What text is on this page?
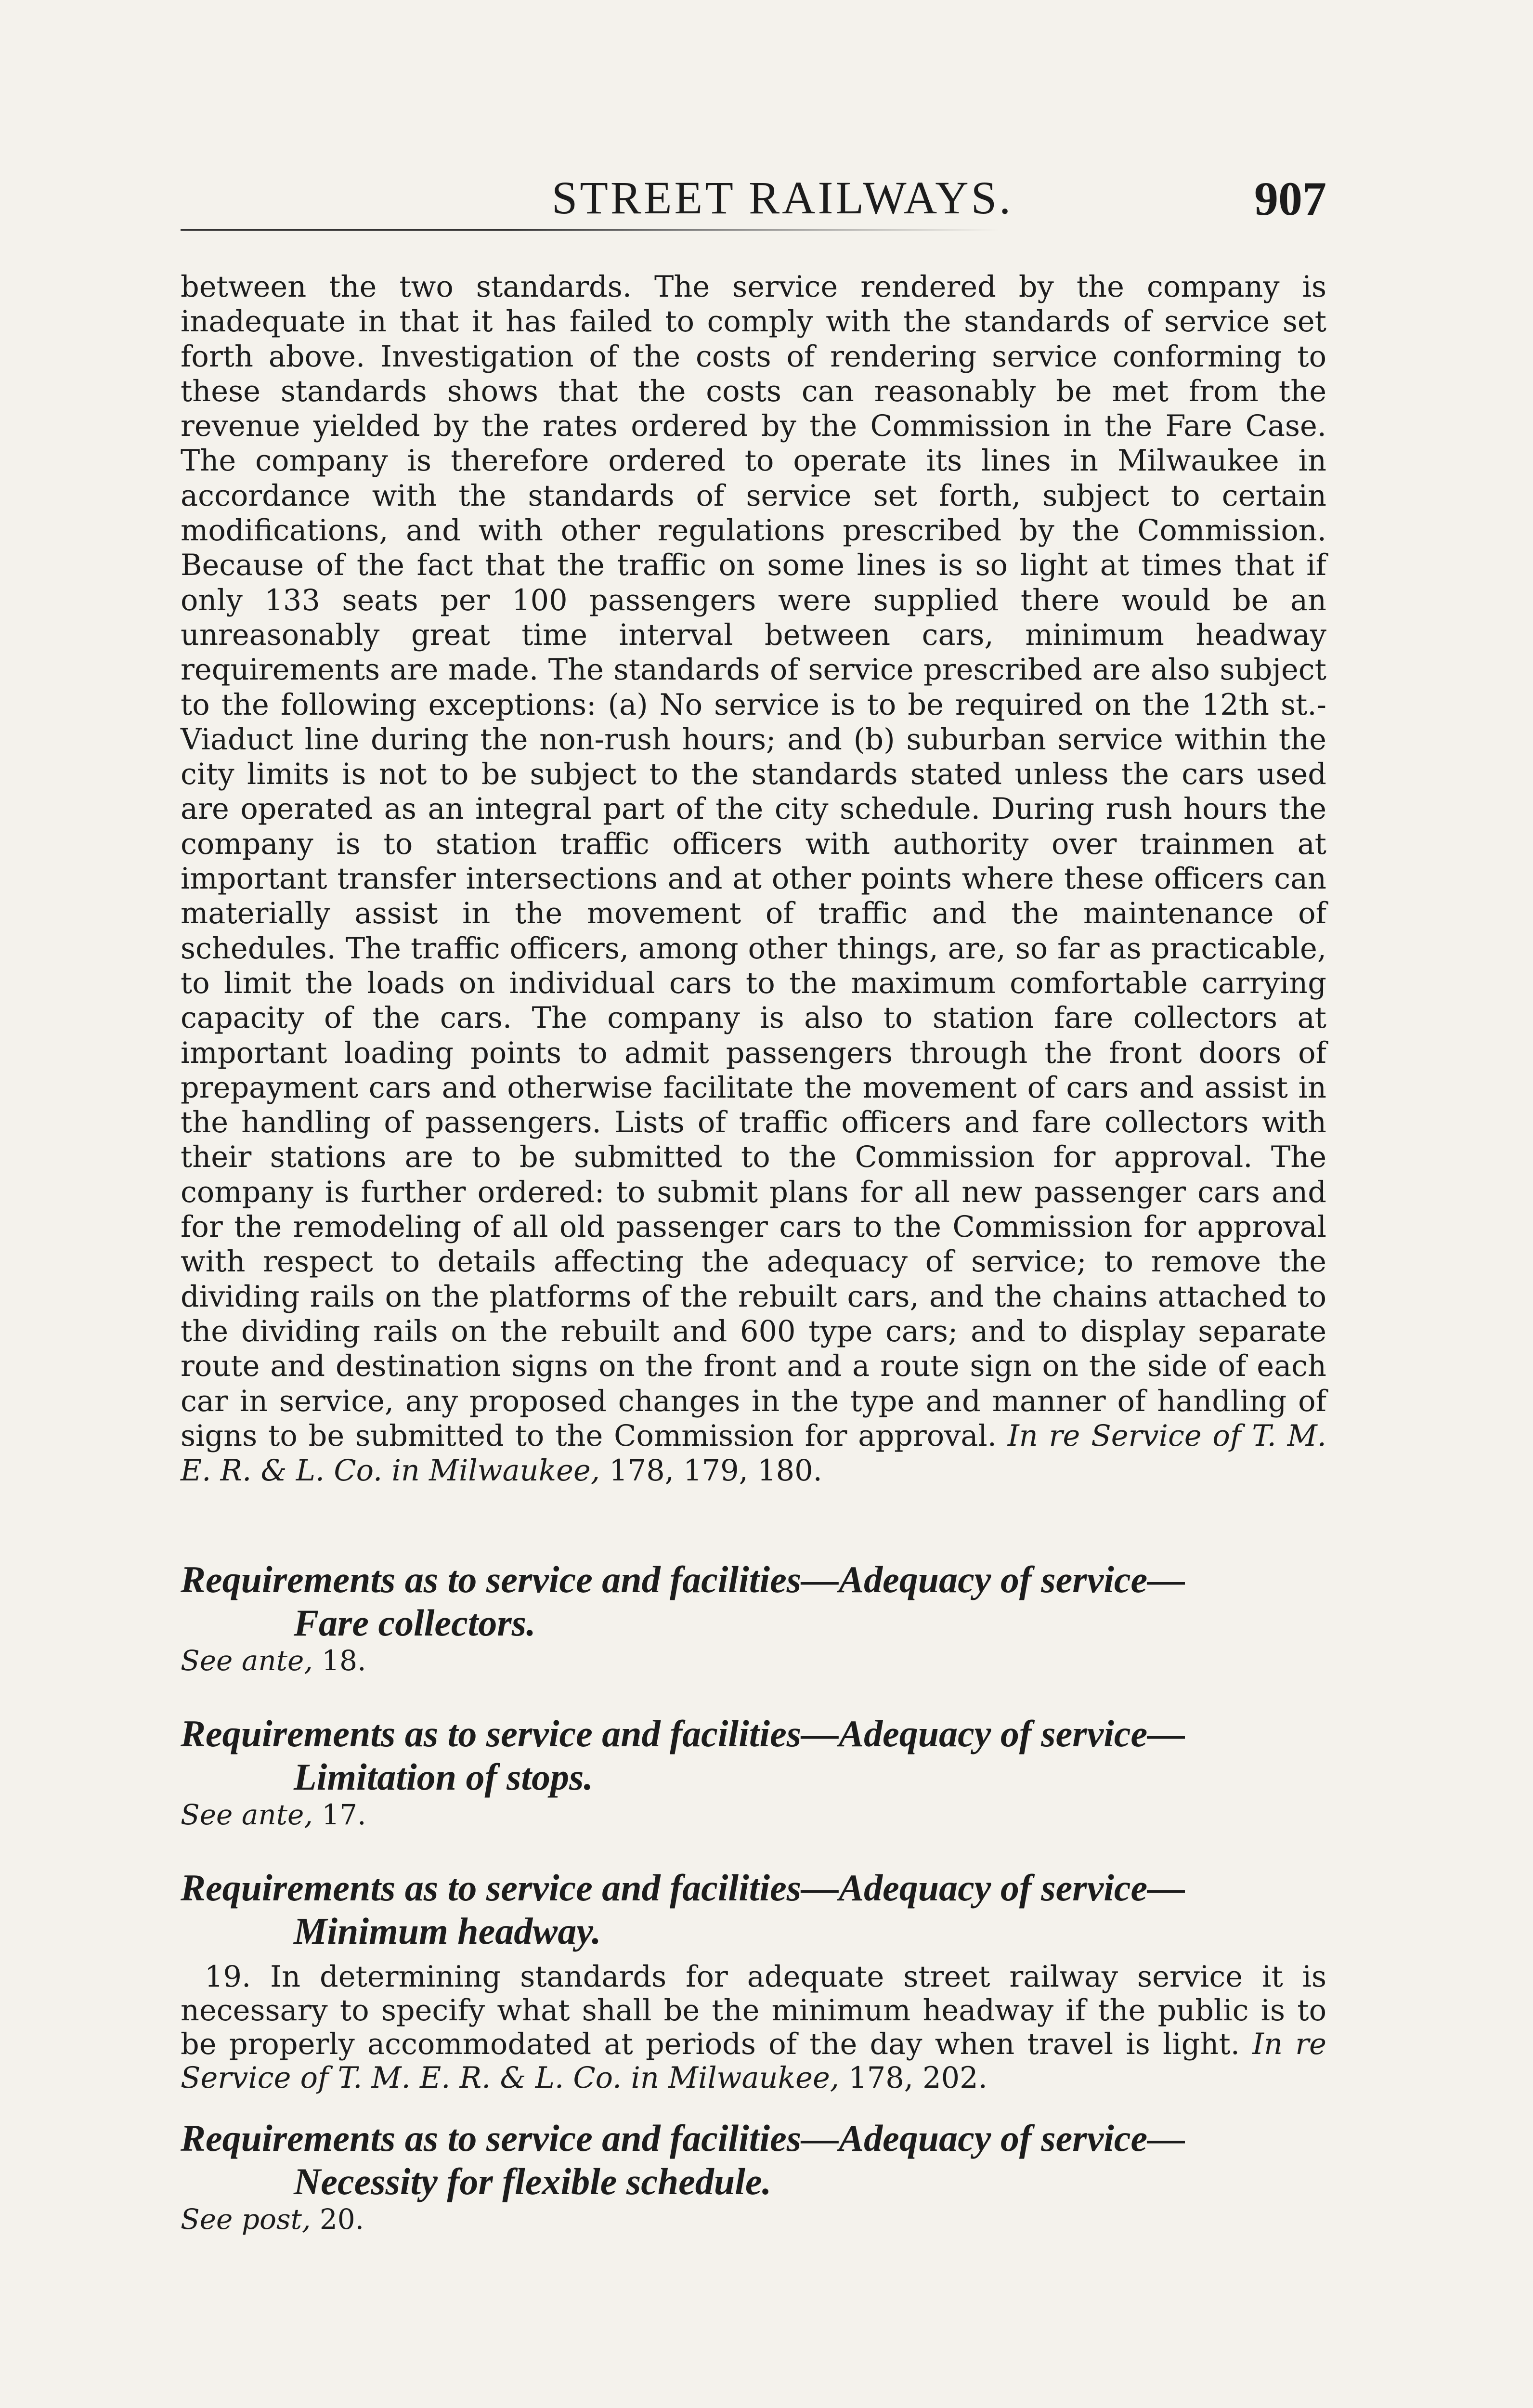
STREET RAILWAYS.	907

between the two standards. The service rendered by the company is inadequate in that it has failed to comply with the standards of service set forth above. Investigation of the costs of rendering service conforming to these standards shows that the costs can reasonably be met from the revenue yielded by the rates ordered by the Commission in the Fare Case. The company is therefore ordered to operate its lines in Milwaukee in accordance with the standards of service set forth, subject to certain modifications, and with other regulations prescribed by the Commission. Because of the fact that the traffic on some lines is so light at times that if only 133 seats per 100 passengers were supplied there would be an unreasonably great time interval between cars, minimum headway requirements are made. The standards of service prescribed are also subject to the following exceptions: (a) No service is to be required on the 12th st.-Viaduct line during the non-rush hours; and (b) suburban service within the city limits is not to be subject to the standards stated unless the cars used are operated as an integral part of the city schedule. During rush hours the company is to station traffic officers with authority over trainmen at important transfer intersections and at other points where these officers can materially assist in the movement of traffic and the maintenance of schedules. The traffic officers, among other things, are, so far as practicable, to limit the loads on individual cars to the maximum comfortable carrying capacity of the cars. The company is also to station fare collectors at important loading points to admit passengers through the front doors of prepayment cars and otherwise facilitate the movement of cars and assist in the handling of passengers. Lists of traffic officers and fare collectors with their stations are to be submitted to the Commission for approval. The company is further ordered: to submit plans for all new passenger cars and for the remodeling of all old passenger cars to the Commission for approval with respect to details affecting the adequacy of service; to remove the dividing rails on the platforms of the rebuilt cars, and the chains attached to the dividing rails on the rebuilt and 600 type cars; and to display separate route and destination signs on the front and a route sign on the side of each car in service, any proposed changes in the type and manner of handling of signs to be submitted to the Commission for approval. In re Service of T. M. E. R. & L. Co. in Milwaukee, 178, 179, 180.

Requirements as to service and facilities—Adequacy of service—
Fare collectors.

See ante, 18.

Requirements as to service and facilities—Adequacy of service—
Limitation of stops.

See ante, 17.

Requirements as to service and facilities—Adequacy of service—
Minimum headway.

19. In determining standards for adequate street railway service it is necessary to specify what shall be the minimum headway if the public is to be properly accommodated at periods of the day when travel is light. In re Service of T. M. E. R. & L. Co. in Milwaukee, 178, 202.

Requirements as to service and facilities—Adequacy of service—
Necessity for flexible schedule.

See post, 20.
